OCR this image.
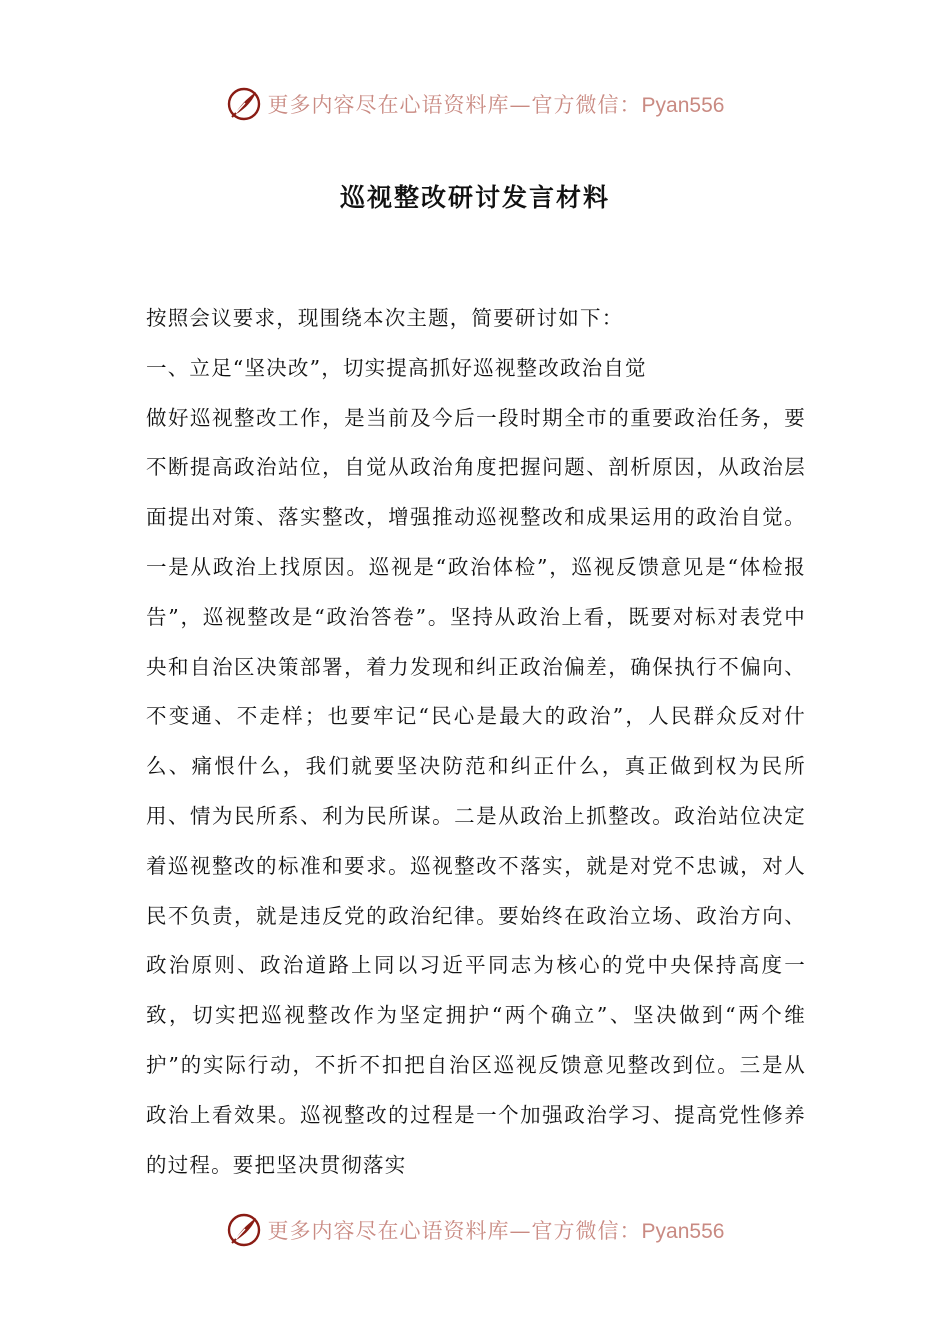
更多内容尽在心语资料库—官方微信：Pyan556
巡视整改研讨发言材料

按照会议要求，现围绕本次主题，简要研讨如下：

一、立足“坚决改”，切实提高抓好巡视整改政治自觉

做好巡视整改工作，是当前及今后一段时期全市的重要政治任务，要不断提高政治站位，自觉从政治角度把握问题、剖析原因，从政治层面提出对策、落实整改，增强推动巡视整改和成果运用的政治自觉。一是从政治上找原因。巡视是“政治体检”，巡视反馈意见是“体检报告”，巡视整改是“政治答卷”。坚持从政治上看，既要对标对表党中央和自治区决策部署，着力发现和纠正政治偏差，确保执行不偏向、不变通、不走样；也要牢记“民心是最大的政治”，人民群众反对什么、痛恨什么，我们就要坚决防范和纠正什么，真正做到权为民所用、情为民所系、利为民所谋。二是从政治上抓整改。政治站位决定着巡视整改的标准和要求。巡视整改不落实，就是对党不忠诚，对人民不负责，就是违反党的政治纪律。要始终在政治立场、政治方向、政治原则、政治道路上同以习近平同志为核心的党中央保持高度一致，切实把巡视整改作为坚定拥护“两个确立”、坚决做到“两个维护”的实际行动，不折不扣把自治区巡视反馈意见整改到位。三是从政治上看效果。巡视整改的过程是一个加强政治学习、提高党性修养的过程。要把坚决贯彻落实

更多内容尽在心语资料库—官方微信：Pyan556
